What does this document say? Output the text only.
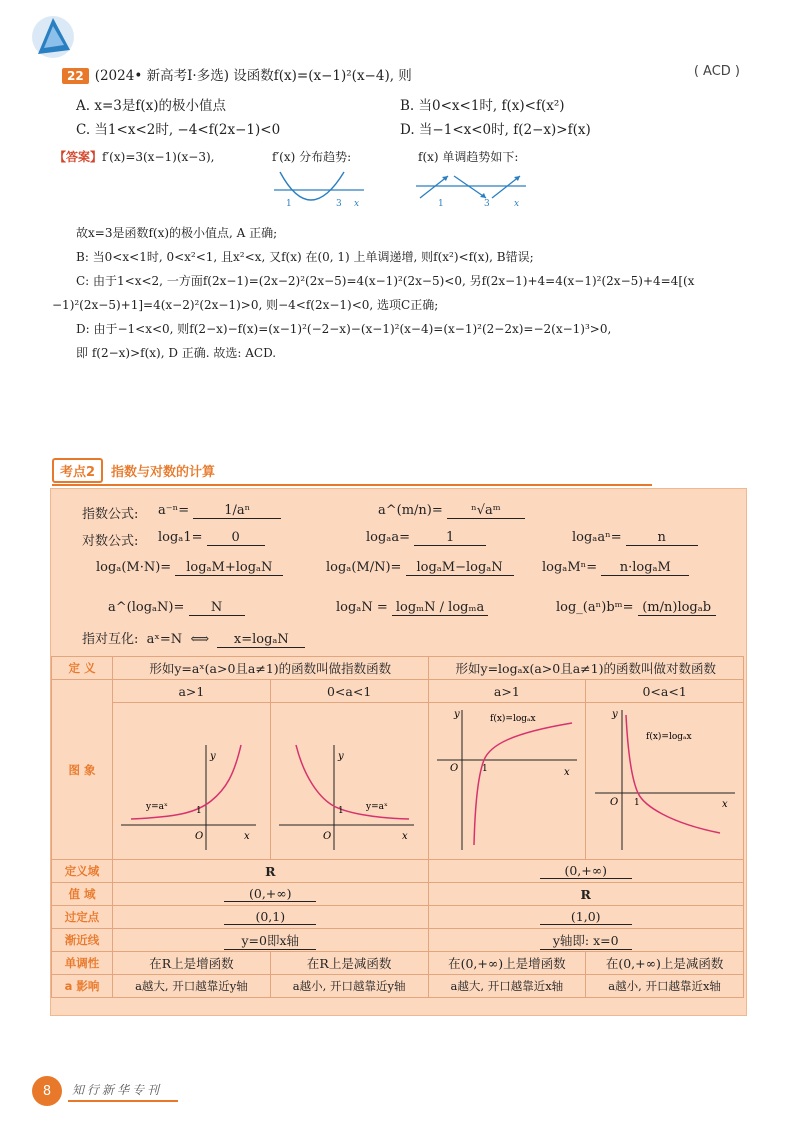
22 (2024• 新高考Ⅰ·多选) 设函数f(x)=(x−1)²(x−4), 则	( ACD )
A. x=3是f(x)的极小值点	B. 当0<x<1时, f(x)<f(x²)
C. 当1<x<2时, −4<f(2x−1)<0	D. 当−1<x<0时, f(2−x)>f(x)
【答案】f′(x)=3(x−1)(x−3),	f′(x) 分布趋势:	f(x) 单调趋势如下:
1	3 x	1	3	x
故x=3是函数f(x)的极小值点, A 正确;
B: 当0<x<1时, 0<x²<1, 且x²<x, 又f(x) 在(0, 1) 上单调递增, 则f(x²)<f(x), B错误;
C: 由于1<x<2, 一方面f(2x−1)=(2x−2)²(2x−5)=4(x−1)²(2x−5)<0, 另f(2x−1)+4=4(x−1)²(2x−5)+4=4[(x
−1)²(2x−5)+1]=4(x−2)²(2x−1)>0, 则−4<f(2x−1)<0, 选项C正确;
D: 由于−1<x<0, 则f(2−x)−f(x)=(x−1)²(−2−x)−(x−1)²(x−4)=(x−1)²(2−2x)=−2(x−1)³>0,
即 f(2−x)>f(x), D 正确. 故选: ACD.
考点2	指数与对数的计算
指数公式: a⁻ⁿ=	1/aⁿ	a^(m/n)= ⁿ√aᵐ
对数公式: logₐ1= 0	logₐa=	1	logₐaⁿ=	n
logₐ(M·N)= logₐM+logₐN	logₐ(M/N)= logₐM−logₐN	logₐMⁿ= n·logₐM
a^(logₐN)= N	logₐN = logₘN / logₘa	log_(aⁿ)bᵐ= (m/n)logₐb
指对互化: aˣ=N ⟺ x=logₐN
定 义	形如y=aˣ(a>0且a≠1)的函数叫做指数函数		形如y=logₐx(a>0且a≠1)的函数叫做对数函数	
图 象	a>1	0<a<1	a>1	0<a<1

y
x
O
1
y=aˣ	y
x
O
1 y=aˣ	y
x
O 1
f(x)=logₐx	y
x
O 1
f(x)=logₐx

定义域	R		(0,+∞)	
值 域	(0,+∞)		R	
过定点	(0,1)		(1,0)	
渐近线	y=0即x轴		y轴即: x=0	
单调性	在R上是增函数	在R上是减函数	在(0,+∞)上是增函数	在(0,+∞)上是减函数
a 影响	a越大, 开口越靠近y轴	a越小, 开口越靠近y轴	a越大, 开口越靠近x轴	a越小, 开口越靠近x轴
8	知行新华专刊
